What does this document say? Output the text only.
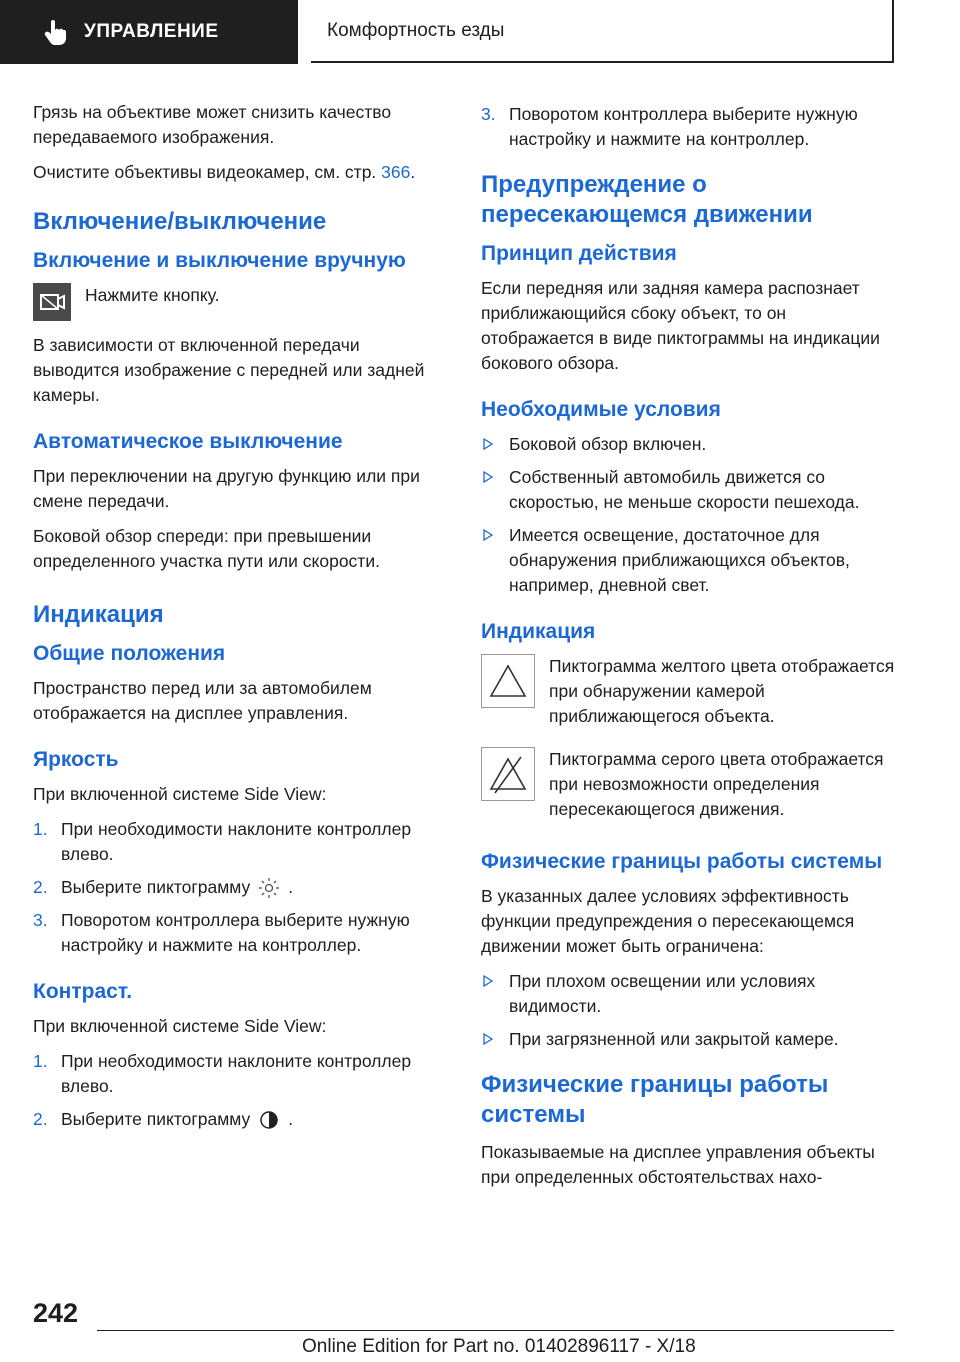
УПРАВЛЕНИЕ	Комфортность езды

Грязь на объективе может снизить качество передаваемого изображения.

Очистите объективы видеокамер, см. стр. 366.

Включение/выключение
Включение и выключение вручную
Нажмите кнопку.

В зависимости от включенной передачи выводится изображение с передней или задней камеры.

Автоматическое выключение

При переключении на другую функцию или при смене передачи.

Боковой обзор спереди: при превышении определенного участка пути или скорости.

Индикация
Общие положения

Пространство перед или за автомобилем отображается на дисплее управления.

Яркость

При включенной системе Side View:

1. При необходимости наклоните контроллер влево.
2. Выберите пиктограмму .
3. Поворотом контроллера выберите нужную настройку и нажмите на контроллер.
Контраст.

При включенной системе Side View:

1. При необходимости наклоните контроллер влево.
2. Выберите пиктограмму .
3. Поворотом контроллера выберите нужную настройку и нажмите на контроллер.
Предупреждение о пересекающемся движении
Принцип действия

Если передняя или задняя камера распознает приближающийся сбоку объект, то он отображается в виде пиктограммы на индикации бокового обзора.

Необходимые условия
Боковой обзор включен.
Собственный автомобиль движется со скоростью, не меньше скорости пешехода.
Имеется освещение, достаточное для обнаружения приближающихся объектов, например, дневной свет.
Индикация
Пиктограмма желтого цвета отображается при обнаружении камерой приближающегося объекта.
Пиктограмма серого цвета отображается при невозможности определения пересекающегося движения.
Физические границы работы системы

В указанных далее условиях эффективность функции предупреждения о пересекающемся движении может быть ограничена:

При плохом освещении или условиях видимости.
При загрязненной или закрытой камере.
Физические границы работы системы

Показываемые на дисплее управления объекты при определенных обстоятельствах нахо-

242
Online Edition for Part no. 01402896117 - X/18
